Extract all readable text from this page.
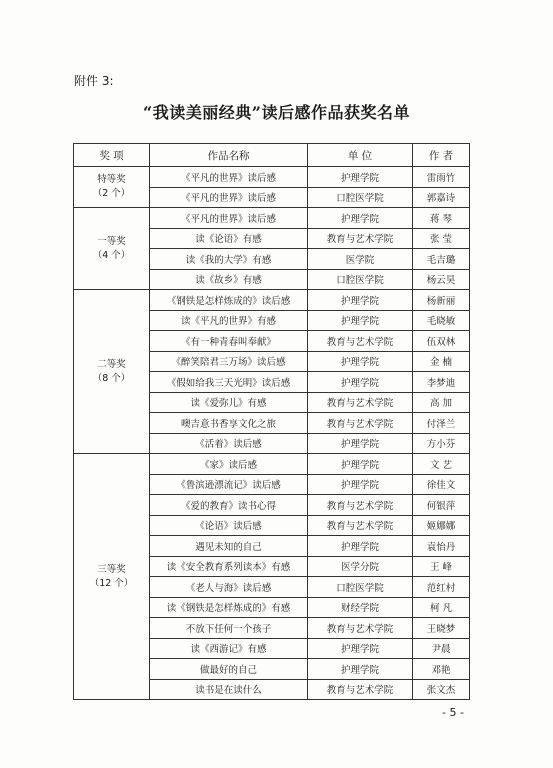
附件 3:
“我读美丽经典”读后感作品获奖名单
奖 项	作品名称	单 位	作 者

特等奖
（2 个）	《平凡的世界》读后感	护理学院	雷雨竹
	《平凡的世界》读后感	口腔医学院	郭嘉诗

一等奖
（4 个）	《平凡的世界》读后感	护理学院	蒋 琴
	读《论语》有感	教育与艺术学院	张 莹
	读《我的大学》有感	医学院	毛吉璐
	读《故乡》有感	口腔医学院	杨云昊

二等奖
（8 个）	《钢铁是怎样炼成的》读后感	护理学院	杨新丽
	读《平凡的世界》有感	护理学院	毛晓敏
	《有一种青春叫奉献》	教育与艺术学院	伍双林
	《醉笑陪君三万场》读后感	护理学院	金 楠
	《假如给我三天光明》读后感	护理学院	李梦迪
	读《爱弥儿》有感	教育与艺术学院	高 加
	噢吉意书香享文化之旅	教育与艺术学院	付泽兰
	《活着》读后感	护理学院	方小芬

三等奖
（12 个）	《家》读后感	护理学院	文 艺
	《鲁滨逊漂流记》读后感	护理学院	徐佳文
	《爱的教育》读书心得	教育与艺术学院	何银萍
	《论语》读后感	教育与艺术学院	姬娜娜
	遇见未知的自己	护理学院	袁怡丹
	读《安全教育系列读本》有感	医学分院	王 峰
	《老人与海》读后感	口腔医学院	范红村
	读《钢铁是怎样炼成的》有感	财经学院	柯 凡
	不放下任何一个孩子	教育与艺术学院	王晓梦
	读《西游记》有感	护理学院	尹晨
	做最好的自己	护理学院	邓艳
	读书是在读什么	教育与艺术学院	张文杰
- 5 -
